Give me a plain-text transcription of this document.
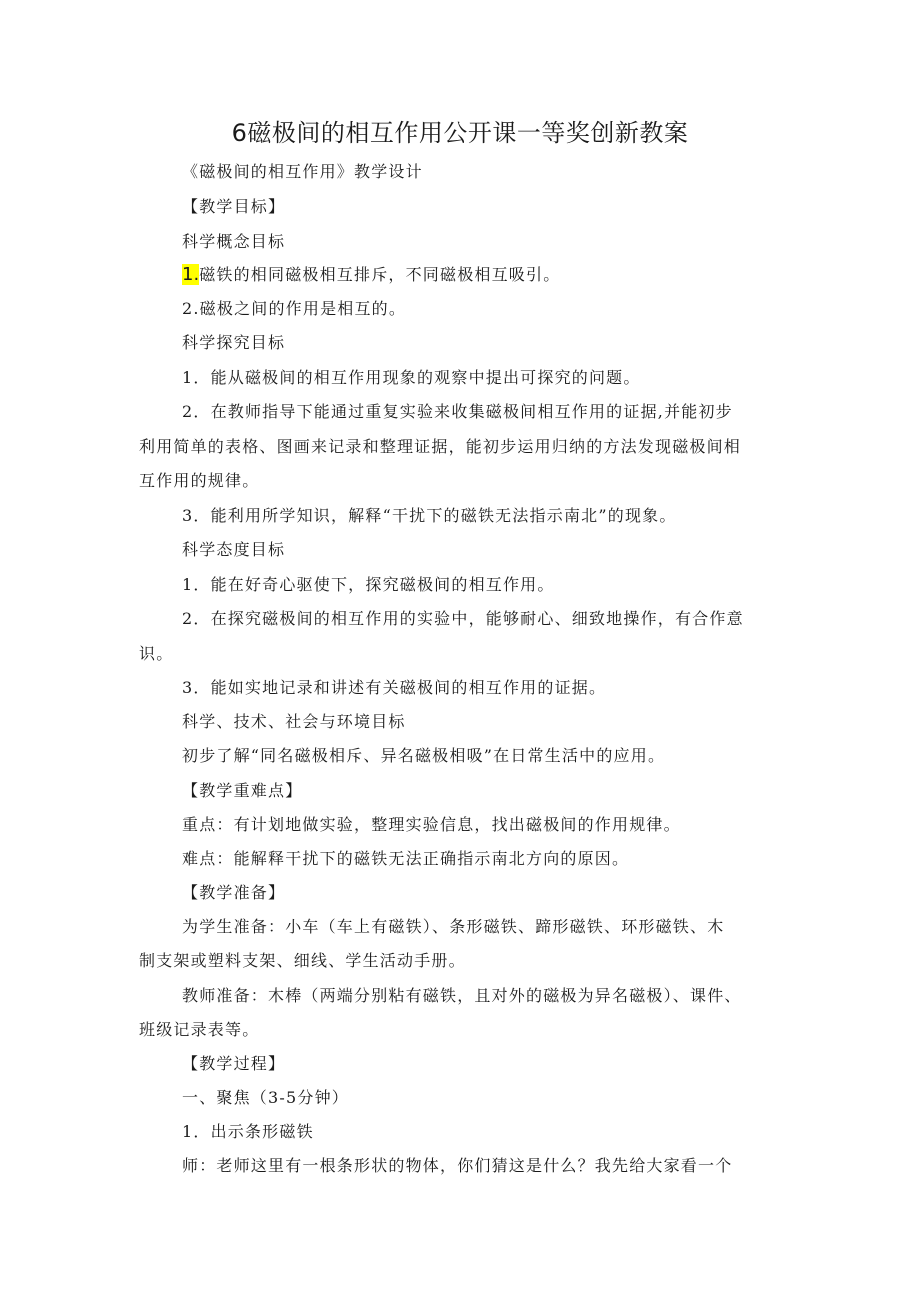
6磁极间的相互作用公开课一等奖创新教案
《磁极间的相互作用》教学设计
【教学目标】
科学概念目标
1.磁铁的相同磁极相互排斥，不同磁极相互吸引。
2.磁极之间的作用是相互的。
科学探究目标
1．能从磁极间的相互作用现象的观察中提出可探究的问题。
2．在教师指导下能通过重复实验来收集磁极间相互作用的证据,并能初步
利用简单的表格、图画来记录和整理证据，能初步运用归纳的方法发现磁极间相
互作用的规律。
3．能利用所学知识，解释“干扰下的磁铁无法指示南北”的现象。
科学态度目标
1．能在好奇心驱使下，探究磁极间的相互作用。
2．在探究磁极间的相互作用的实验中，能够耐心、细致地操作，有合作意
识。
3．能如实地记录和讲述有关磁极间的相互作用的证据。
科学、技术、社会与环境目标
初步了解“同名磁极相斥、异名磁极相吸”在日常生活中的应用。
【教学重难点】
重点：有计划地做实验，整理实验信息，找出磁极间的作用规律。
难点：能解释干扰下的磁铁无法正确指示南北方向的原因。
【教学准备】
为学生准备：小车（车上有磁铁）、条形磁铁、蹄形磁铁、环形磁铁、木
制支架或塑料支架、细线、学生活动手册。
教师准备：木棒（两端分别粘有磁铁，且对外的磁极为异名磁极）、课件、
班级记录表等。
【教学过程】
一、聚焦（3-5分钟）
1．出示条形磁铁
师：老师这里有一根条形状的物体，你们猜这是什么？我先给大家看一个
